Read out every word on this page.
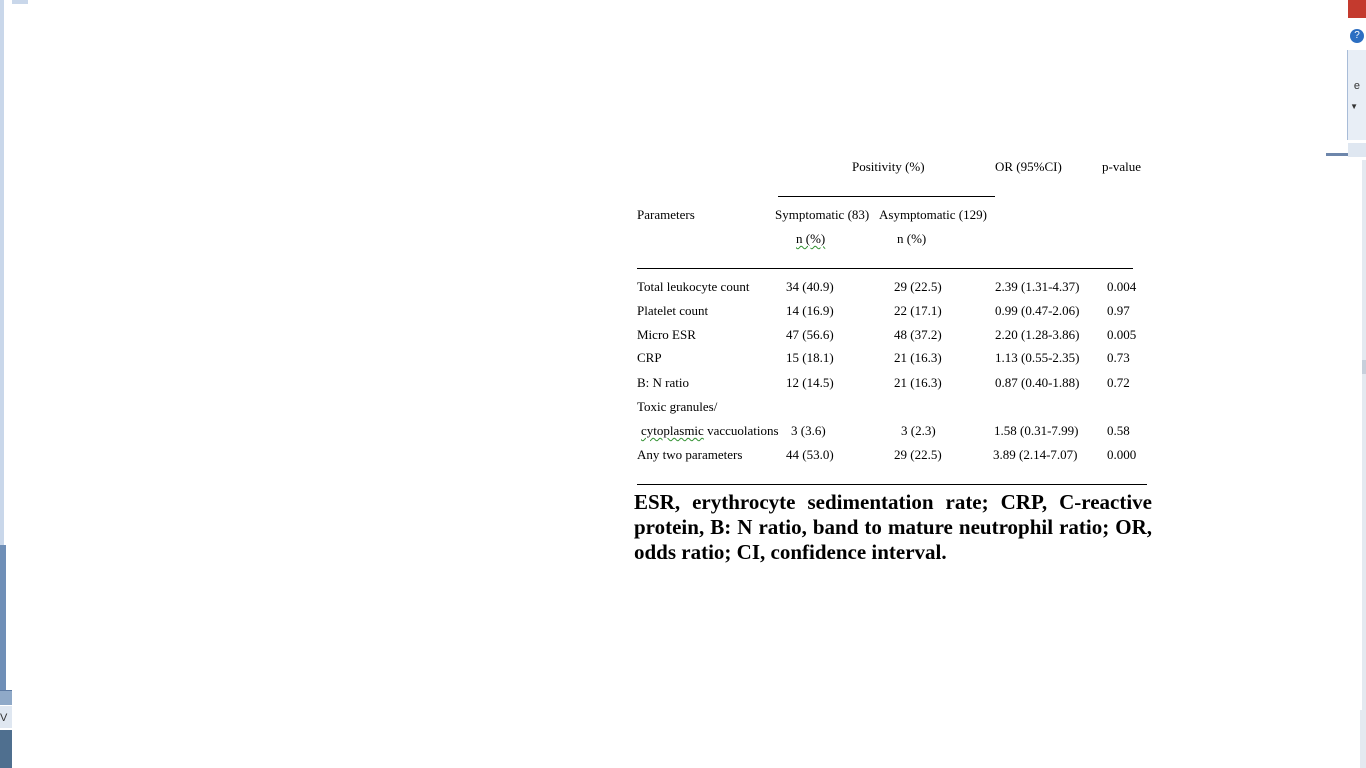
V
?
e
▼
Positivity (%)	OR (95%CI)	p-value
Parameters	Symptomatic (83) Asymptomatic (129)
n (%)	n (%)
Total leukocyte count	34 (40.9)	29 (22.5)	2.39 (1.31-4.37) 0.004
Platelet count	14 (16.9)	22 (17.1)	0.99 (0.47-2.06) 0.97
Micro ESR	47 (56.6)	48 (37.2)	2.20 (1.28-3.86) 0.005
CRP	15 (18.1)	21 (16.3)	1.13 (0.55-2.35) 0.73
B: N ratio	12 (14.5)	21 (16.3)	0.87 (0.40-1.88) 0.72
Toxic granules/
cytoplasmic vaccuolations 3 (3.6)	3 (2.3)	1.58 (0.31-7.99) 0.58
Any two parameters	44 (53.0)	29 (22.5)	3.89 (2.14-7.07) 0.000
ESR, erythrocyte sedimentation rate; CRP, C-reactive protein, B: N ratio, band to mature neutrophil ratio; OR, odds ratio; CI, confidence interval.
